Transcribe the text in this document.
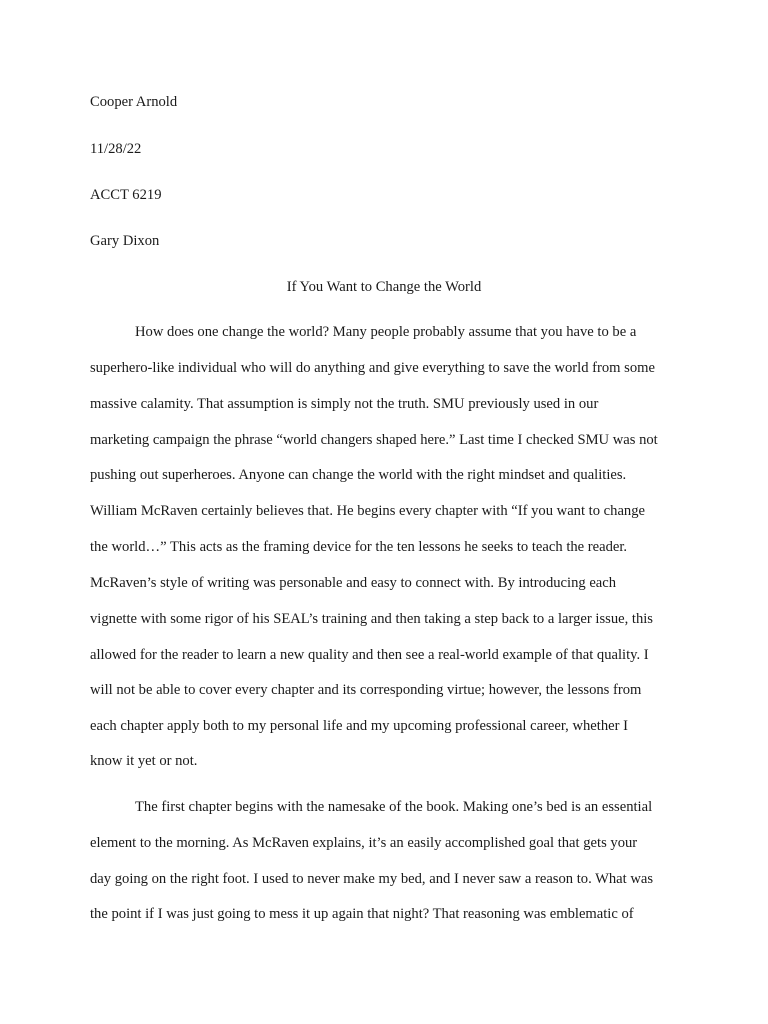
Cooper Arnold
11/28/22
ACCT 6219
Gary Dixon
If You Want to Change the World
How does one change the world? Many people probably assume that you have to be a
superhero-like individual who will do anything and give everything to save the world from some
massive calamity. That assumption is simply not the truth. SMU previously used in our
marketing campaign the phrase “world changers shaped here.” Last time I checked SMU was not
pushing out superheroes. Anyone can change the world with the right mindset and qualities.
William McRaven certainly believes that. He begins every chapter with “If you want to change
the world…” This acts as the framing device for the ten lessons he seeks to teach the reader.
McRaven’s style of writing was personable and easy to connect with. By introducing each
vignette with some rigor of his SEAL’s training and then taking a step back to a larger issue, this
allowed for the reader to learn a new quality and then see a real-world example of that quality. I
will not be able to cover every chapter and its corresponding virtue; however, the lessons from
each chapter apply both to my personal life and my upcoming professional career, whether I
know it yet or not.
The first chapter begins with the namesake of the book. Making one’s bed is an essential
element to the morning. As McRaven explains, it’s an easily accomplished goal that gets your
day going on the right foot. I used to never make my bed, and I never saw a reason to. What was
the point if I was just going to mess it up again that night? That reasoning was emblematic of
